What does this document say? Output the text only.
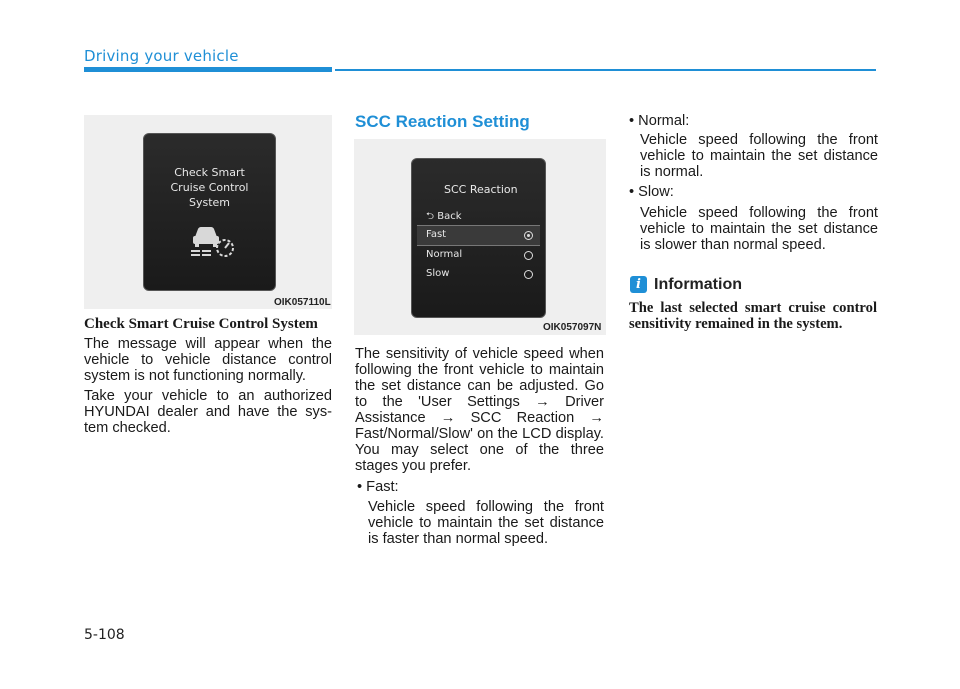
Driving your vehicle
Check Smart
Cruise Control
System
OIK057110L
Check Smart Cruise Control System
The message will appear when the vehicle to vehicle distance control system is not functioning normally.
Take your vehicle to an authorized HYUNDAI dealer and have the sys-tem checked.
SCC Reaction Setting
SCC Reaction
⮌ Back
Fast
Normal
Slow
OIK057097N
The sensitivity of vehicle speed when following the front vehicle to maintain the set distance can be adjusted. Go to the 'User Settings → Driver Assistance → SCC Reaction → Fast/Normal/Slow' on the LCD display. You may select one of the three stages you prefer.
• Fast:
Vehicle speed following the front vehicle to maintain the set distance is faster than normal speed.
• Normal:
Vehicle speed following the front vehicle to maintain the set distance is normal.
• Slow:
Vehicle speed following the front vehicle to maintain the set distance is slower than normal speed.
i Information
The last selected smart cruise control sensitivity remained in the system.
5-108
